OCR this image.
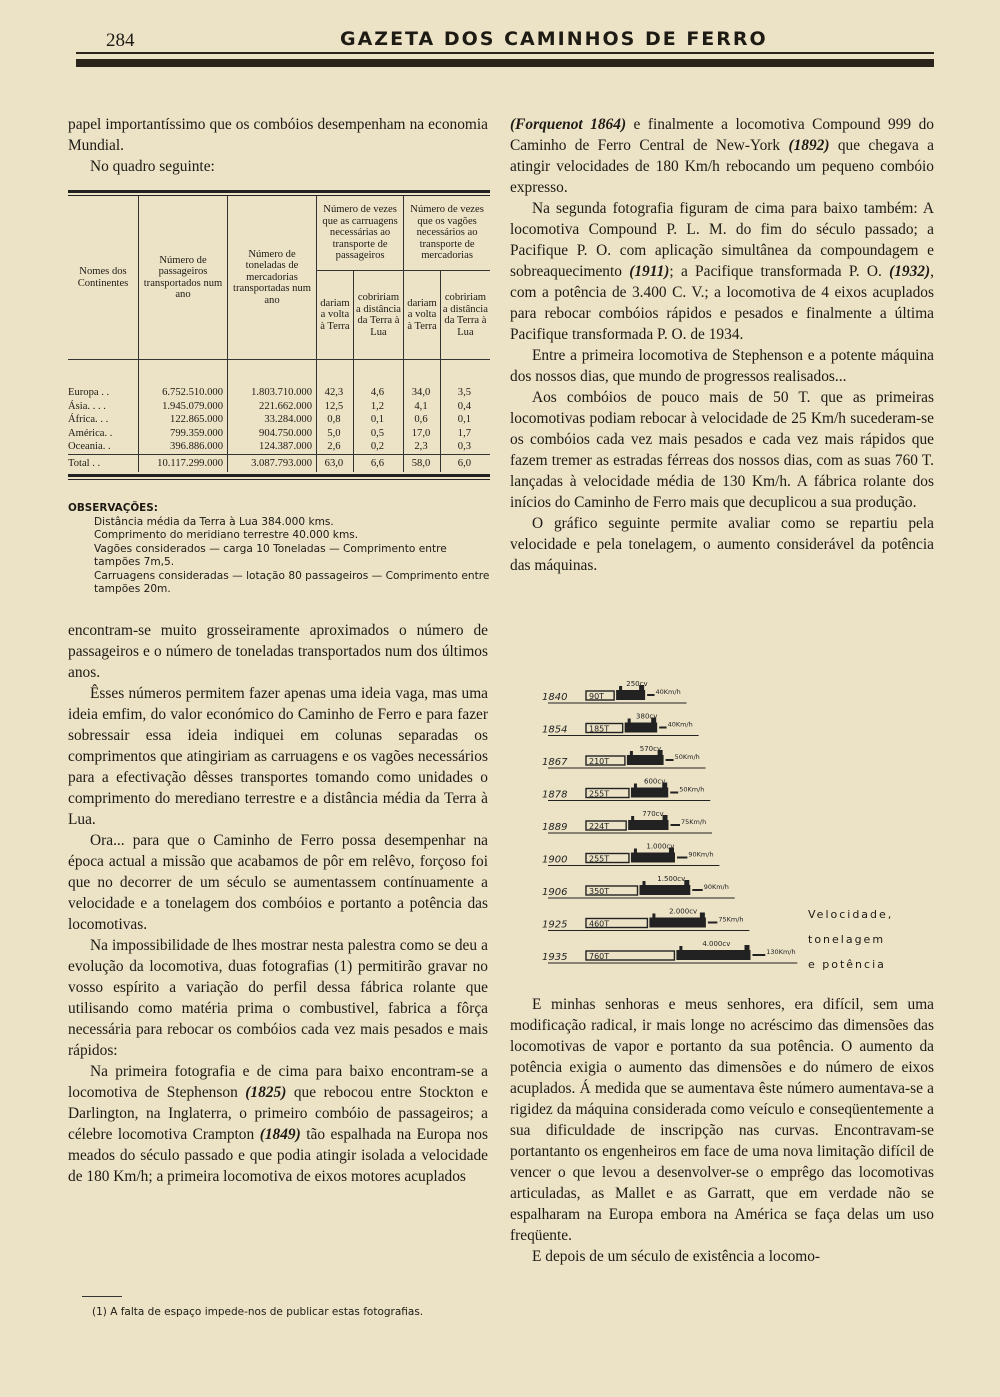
284	GAZETA DOS CAMINHOS DE FERRO

papel importantíssimo que os combóios desempenham na economia Mundial.

No quadro seguinte:

Nomes dos Continentes	Número de passageiros transportados num ano	Número de toneladas de mercadorias transportadas num ano	Número de vezes que as carruagens necessárias ao transporte de passageiros		Número de vezes que os vagões necessários ao transporte de mercadorias	
			dariam a volta à Terra	cobririam a distância da Terra à Lua	dariam a volta à Terra	cobririam a distância da Terra à Lua

Europa . .	6.752.510.000	1.803.710.000	42,3	4,6	34,0	3,5
Ásia. . . .	1.945.079.000	221.662.000	12,5	1,2	4,1	0,4
África. . .	122.865.000	33.284.000	0,8	0,1	0,6	0,1
América. .	799.359.000	904.750.000	5,0	0,5	17,0	1,7
Oceania. .	396.886.000	124.387.000	2,6	0,2	2,3	0,3
Total . .	10.117.299.000	3.087.793.000	63,0	6,6	58,0	6,0
OBSERVAÇÕES:

Distância média da Terra à Lua 384.000 kms.

Comprimento do meridiano terrestre 40.000 kms.

Vagões considerados — carga 10 Toneladas — Comprimento entre tampões 7m,5.

Carruagens consideradas — lotação 80 passageiros — Comprimento entre tampões 20m.

encontram-se muito grosseiramente aproximados o número de passageiros e o número de toneladas transportados num dos últimos anos.

Êsses números permitem fazer apenas uma ideia vaga, mas uma ideia emfim, do valor económico do Caminho de Ferro e para fazer sobressair essa ideia indiquei em colunas separadas os comprimentos que atingiriam as carruagens e os vagões necessários para a efectivação dêsses transportes tomando como unidades o comprimento do merediano terrestre e a distância média da Terra à Lua.

Ora... para que o Caminho de Ferro possa desempenhar na época actual a missão que acabamos de pôr em relêvo, forçoso foi que no decorrer de um século se aumentassem contínuamente a velocidade e a tonelagem dos combóios e portanto a potência das locomotivas.

Na impossibilidade de lhes mostrar nesta palestra como se deu a evolução da locomotiva, duas fotografias (1) permitirão gravar no vosso espírito a variação do perfil dessa fábrica rolante que utilisando como matéria prima o combustivel, fabrica a fôrça necessária para rebocar os combóios cada vez mais pesados e mais rápidos:

Na primeira fotografia e de cima para baixo encontram-se a locomotiva de Stephenson (1825) que rebocou entre Stockton e Darlington, na Inglaterra, o primeiro combóio de passageiros; a célebre locomotiva Crampton (1849) tão espalhada na Europa nos meados do século passado e que podia atingir isolada a velocidade de 180 Km/h; a primeira locomotiva de eixos motores acuplados

(Forquenot 1864) e finalmente a locomotiva Compound 999 do Caminho de Ferro Central de New-York (1892) que chegava a atingir velocidades de 180 Km/h rebocando um pequeno combóio expresso.

Na segunda fotografia figuram de cima para baixo também: A locomotiva Compound P. L. M. do fim do século passado; a Pacifique P. O. com aplicação simultânea da compoundagem e sobreaquecimento (1911); a Pacifique transformada P. O. (1932), com a potência de 3.400 C. V.; a locomotiva de 4 eixos acuplados para rebocar combóios rápidos e pesados e finalmente a última Pacifique transformada P. O. de 1934.

Entre a primeira locomotiva de Stephenson e a potente máquina dos nossos dias, que mundo de progressos realisados...

Aos combóios de pouco mais de 50 T. que as primeiras locomotivas podiam rebocar à velocidade de 25 Km/h sucederam-se os combóios cada vez mais pesados e cada vez mais rápidos que fazem tremer as estradas férreas dos nossos dias, com as suas 760 T. lançadas à velocidade média de 130 Km/h. A fábrica rolante dos inícios do Caminho de Ferro mais que decuplicou a sua produção.

O gráfico seguinte permite avaliar como se repartiu pela velocidade e pela tonelagem, o aumento considerável da potência das máquinas.

1840	90T
250cv
40Km/h
1854	185T
380cv
40Km/h
1867	210T
570cv
50Km/h
1878	255T
600cv
50Km/h
1889	224T
770cv
75Km/h
1900	255T
1.000cv
90Km/h
1906	350T
1.500cv
90Km/h
1925	460T
2.000cv
75Km/h
1935	760T
4.000cv
130Km/h
Velocidade,
tonelagem
e potência

E minhas senhoras e meus senhores, era difícil, sem uma modificação radical, ir mais longe no acréscimo das dimensões das locomotivas de vapor e portanto da sua potência. O aumento da potência exigia o aumento das dimensões e do número de eixos acuplados. Á medida que se aumentava êste número aumentava-se a rigidez da máquina considerada como veículo e conseqüentemente a sua dificuldade de inscripção nas curvas. Encontravam-se portantanto os engenheiros em face de uma nova limitação difícil de vencer o que levou a desenvolver-se o emprêgo das locomotivas articuladas, as Mallet e as Garratt, que em verdade não se espalharam na Europa embora na América se faça delas um uso freqüente.

E depois de um século de existência a locomo-

(1) A falta de espaço impede-nos de publicar estas fotografias.
